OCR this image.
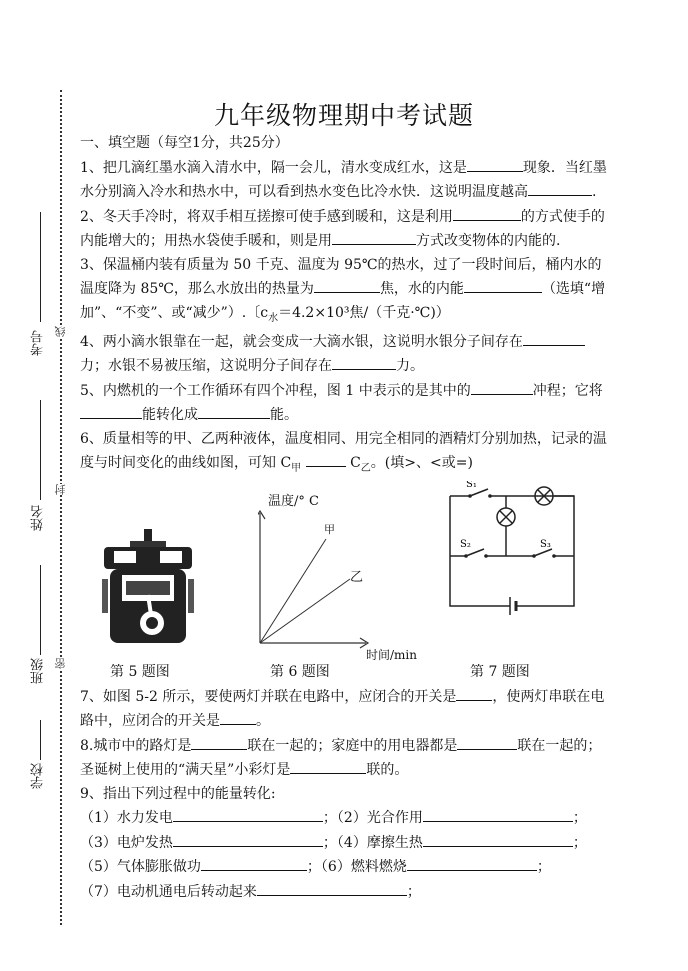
线
封
密
考号
姓名
班级
学校
九年级物理期中考试题

一、填空题（每空1分，共25分）

1、把几滴红墨水滴入清水中，隔一会儿，清水变成红水，这是	现象．当红墨水分别滴入冷水和热水中，可以看到热水变色比冷水快．这说明温度越高	.

2、冬天手冷时，将双手相互搓擦可使手感到暖和，这是利用	的方式使手的内能增大的；用热水袋使手暖和，则是用	方式改变物体的内能的.

3、保温桶内装有质量为 50 千克、温度为 95℃的热水，过了一段时间后，桶内水的温度降为 85℃，那么水放出的热量为	焦，水的内能	（选填“增加”、“不变”、或“减少”）.〔$c_水=4.2\times 10^3$焦/（千克·℃)）

4、两小滴水银靠在一起，就会变成一大滴水银，这说明水银分子间存在力；水银不易被压缩，这说明分子间存在	力。

5、内燃机的一个工作循环有四个冲程，图 1 中表示的是其中的	冲程；它将能转化成	能。

6、质量相等的甲、乙两种液体，温度相同、用完全相同的酒精灯分别加热，记录的温度与时间变化的曲线如图，可知 $C_甲$	$C_乙$。(填>、<或=)

温度/° C
甲
乙
时间/min
S₁
S₂	S₃
第 5 题图	第 6 题图	第 7 题图

7、如图 5-2 所示，要使两灯并联在电路中，应闭合的开关是	，使两灯串联在电路中，应闭合的开关是	。

8.城市中的路灯是	联在一起的；家庭中的用电器都是	联在一起的；圣诞树上使用的“满天星”小彩灯是	联的。

9、指出下列过程中的能量转化:

（1）水力发电	；（2）光合作用	；

（3）电炉发热	；（4）摩擦生热	；

（5）气体膨胀做功	；（6）燃料燃烧	；

（7）电动机通电后转动起来	；
